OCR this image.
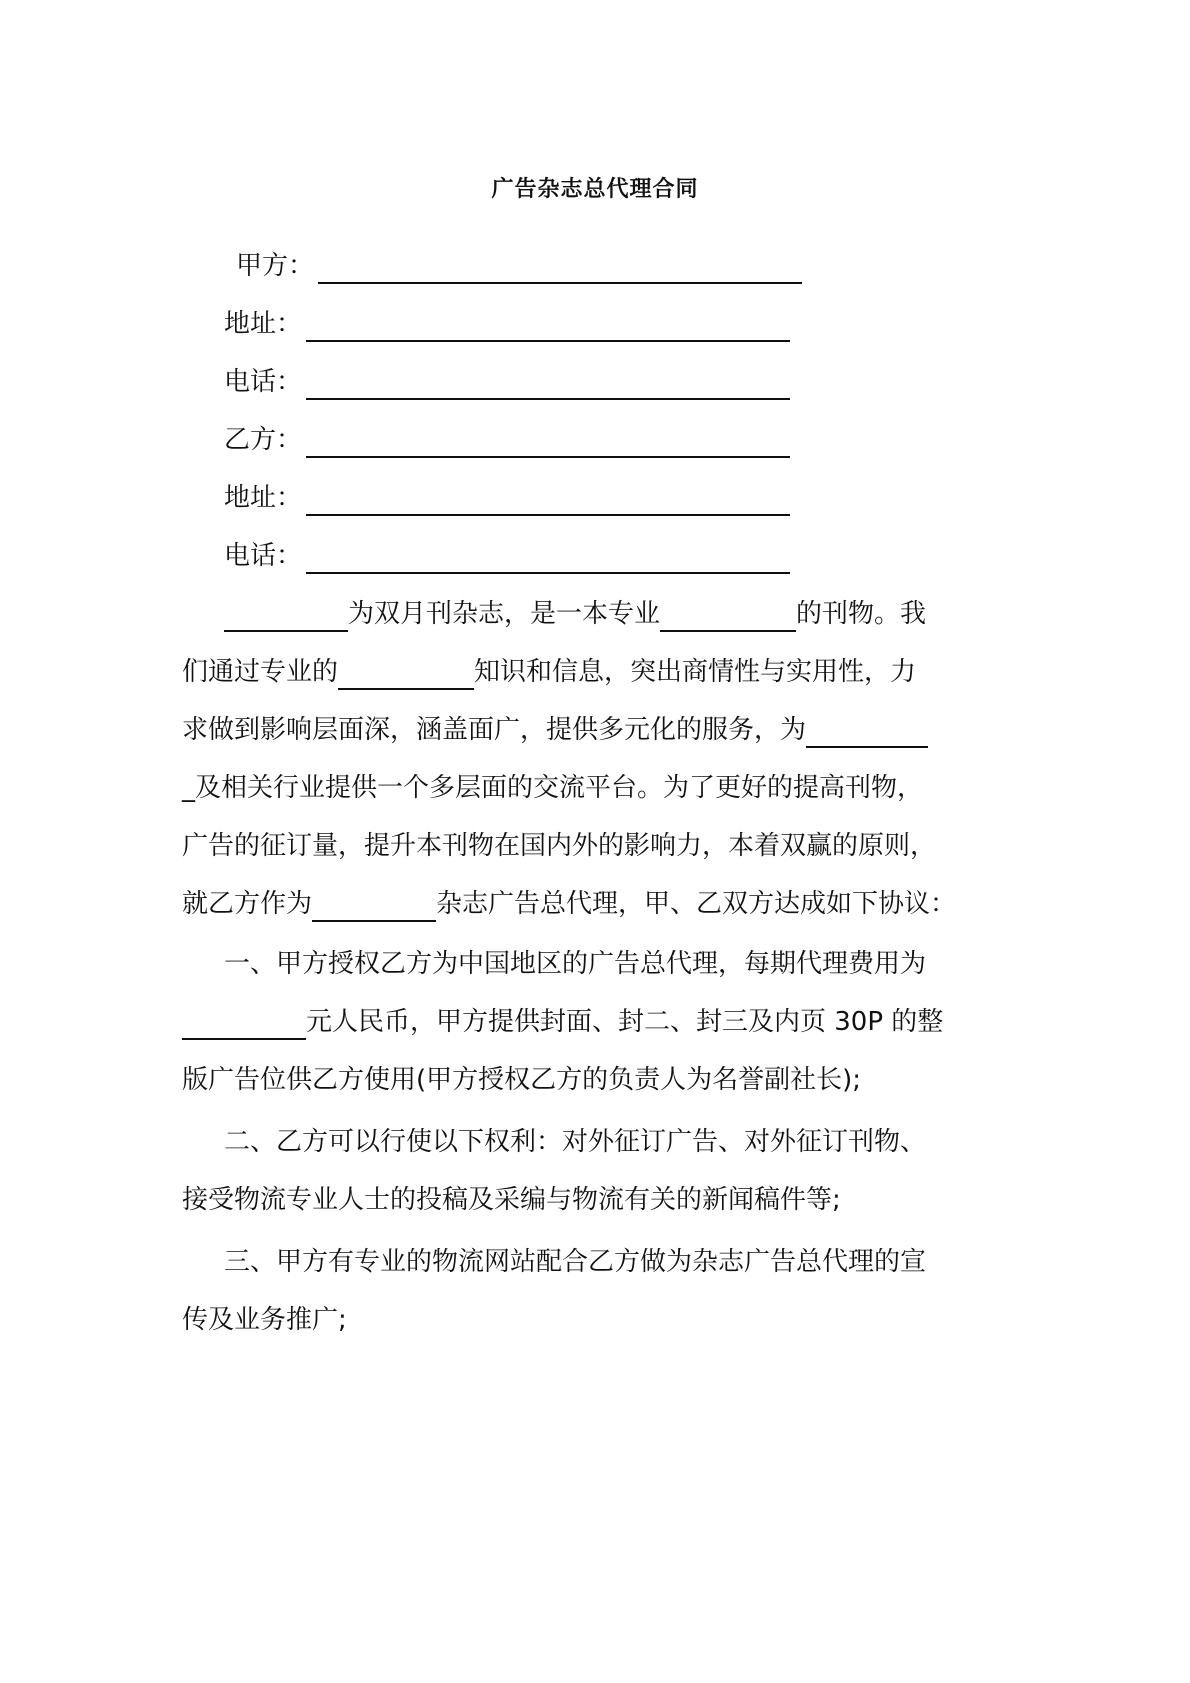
广告杂志总代理合同
甲方：
地址：
电话：
乙方：
地址：
电话：
为双月刊杂志，是一本专业	的刊物。我
们通过专业的	知识和信息，突出商情性与实用性，力
求做到影响层面深，涵盖面广，提供多元化的服务，为
_及相关行业提供一个多层面的交流平台。为了更好的提高刊物，
广告的征订量，提升本刊物在国内外的影响力，本着双赢的原则，
就乙方作为	杂志广告总代理，甲、乙双方达成如下协议：
一、甲方授权乙方为中国地区的广告总代理，每期代理费用为
元人民币，甲方提供封面、封二、封三及内页 30P 的整
版广告位供乙方使用(甲方授权乙方的负责人为名誉副社长);
二、乙方可以行使以下权利：对外征订广告、对外征订刊物、
接受物流专业人士的投稿及采编与物流有关的新闻稿件等;
三、甲方有专业的物流网站配合乙方做为杂志广告总代理的宣
传及业务推广;
